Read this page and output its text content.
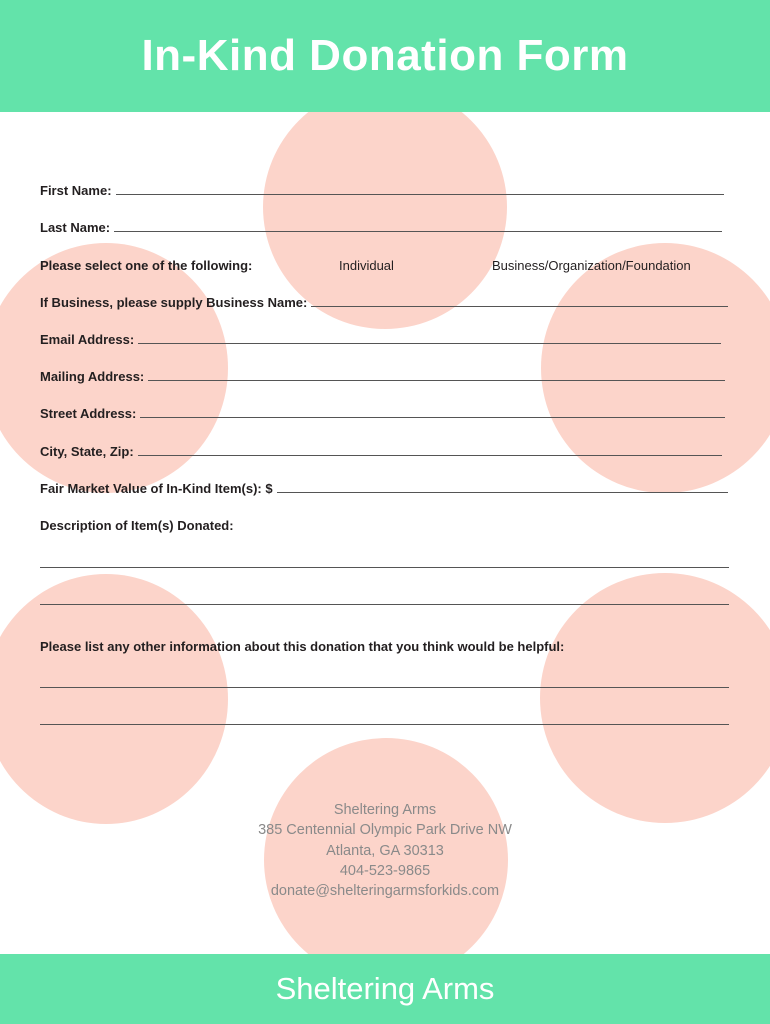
In-Kind Donation Form
First Name:
Last Name:
Please select one of the following:	Individual	Business/Organization/Foundation
If Business, please supply Business Name:
Email Address:
Mailing Address:
Street Address:
City, State, Zip:
Fair Market Value of In-Kind Item(s): $
Description of Item(s) Donated:
Please list any other information about this donation that you think would be helpful:
Sheltering Arms
385 Centennial Olympic Park Drive NW
Atlanta, GA 30313
404-523-9865
donate@shelteringarmsforkids.com
Sheltering Arms
